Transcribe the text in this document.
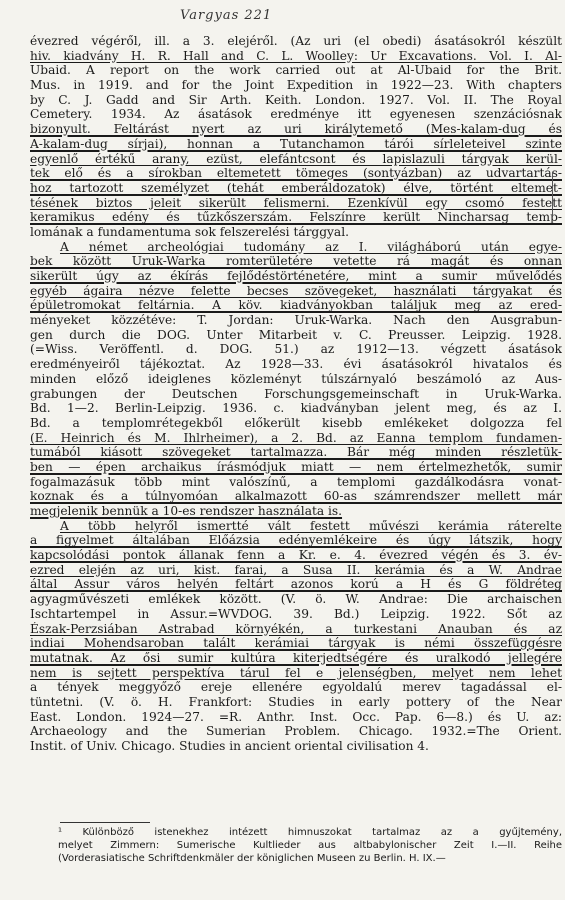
Vargyas 221
évezred végéről, ill. a 3. elejéről. (Az uri (el obedi) ásatásokról készült
hiv. kiadvány H. R. Hall and C. L. Woolley: Ur Excavations. Vol. I. Al-
Ubaid. A report on the work carried out at Al-Ubaid for the Brit.
Mus. in 1919. and for the Joint Expedition in 1922—23. With chapters
by C. J. Gadd and Sir Arth. Keith. London. 1927. Vol. II. The Royal
Cemetery. 1934. Az ásatások eredménye itt egyenesen szenzációsnak
bizonyult. Feltárást nyert az uri királytemető (Mes-kalam-dug és
A-kalam-dug sírjai), honnan a Tutanchamon tárói sírleleteivel szinte
egyenlő értékű arany, ezüst, elefántcsont és lapislazuli tárgyak kerül-
tek elő és a sírokban eltemetett tömeges (sontyázban) az udvartartás-
hoz tartozott személyzet (tehát emberáldozatok) élve, történt eltemet-
tésének biztos jeleit sikerült felismerni. Ezenkívül egy csomó festett
keramikus edény és tűzkőszerszám. Felszínre került Nincharsag temp-
lomának a fundamentuma sok felszerelési tárggyal.
A német archeológiai tudomány az I. világháború után egye-
bek között Uruk-Warka romterületére vetette rá magát és onnan
sikerült úgy az ékírás fejlődéstörténetére, mint a sumir művelődés
egyéb ágaira nézve felette becses szövegeket, használati tárgyakat és
épületromokat feltárnia. A köv. kiadványokban találjuk meg az ered-
ményeket közzétéve: T. Jordan: Uruk-Warka. Nach den Ausgrabun-
gen durch die DOG. Unter Mitarbeit v. C. Preusser. Leipzig. 1928.
(=Wiss. Veröffentl. d. DOG. 51.) az 1912—13. végzett ásatások
eredményeiről tájékoztat. Az 1928—33. évi ásatásokról hivatalos és
minden előző ideiglenes közleményt túlszárnyaló beszámoló az Aus-
grabungen der Deutschen Forschungsgemeinschaft in Uruk-Warka.
Bd. 1—2. Berlin-Leipzig. 1936. c. kiadványban jelent meg, és az I.
Bd. a templomrétegekből előkerült kisebb emlékeket dolgozza fel
(E. Heinrich és M. Ihlrheimer), a 2. Bd. az Eanna templom fundamen-
tumából kiásott szövegeket tartalmazza. Bár még minden részletük-
ben — épen archaikus írásmódjuk miatt — nem értelmezhetők, sumir
fogalmazásuk több mint valószínű, a templomi gazdálkodásra vonat-
koznak és a túlnyomóan alkalmazott 60-as számrendszer mellett már
megjelenik bennük a 10-es rendszer használata is.
A több helyről ismertté vált festett művészi kerámia ráterelte
a figyelmet általában Előázsia edényemlékeire és úgy látszik, hogy
kapcsolódási pontok állanak fenn a Kr. e. 4. évezred végén és 3. év-
ezred elején az uri, kist. farai, a Susa II. kerámia és a W. Andrae
által Assur város helyén feltárt azonos korú a H és G földréteg
agyagművészeti emlékek között. (V. ö. W. Andrae: Die archaischen
Ischtartempel in Assur.=WVDOG. 39. Bd.) Leipzig. 1922. Sőt az
Észak-Perzsiában Astrabad környékén, a turkestani Anauban és az
indiai Mohendsaroban talált kerámiai tárgyak is némi összefüggésre
mutatnak. Az ősi sumir kultúra kiterjedtségére és uralkodó jellegére
nem is sejtett perspektíva tárul fel e jelenségben, melyet nem lehet
a tények meggyőző ereje ellenére egyoldalú merev tagadással el-
tüntetni. (V. ö. H. Frankfort: Studies in early pottery of the Near
East. London. 1924—27. =R. Anthr. Inst. Occ. Pap. 6—8.) és U. az:
Archaeology and the Sumerian Problem. Chicago. 1932.=The Orient.
Instit. of Univ. Chicago. Studies in ancient oriental civilisation 4.
¹ Különböző istenekhez intézett himnuszokat tartalmaz az a gyűjtemény,
melyet Zimmern: Sumerische Kultlieder aus altbabylonischer Zeit I.—II. Reihe
(Vorderasiatische Schriftdenkmäler der königlichen Museen zu Berlin. H. IX.—
